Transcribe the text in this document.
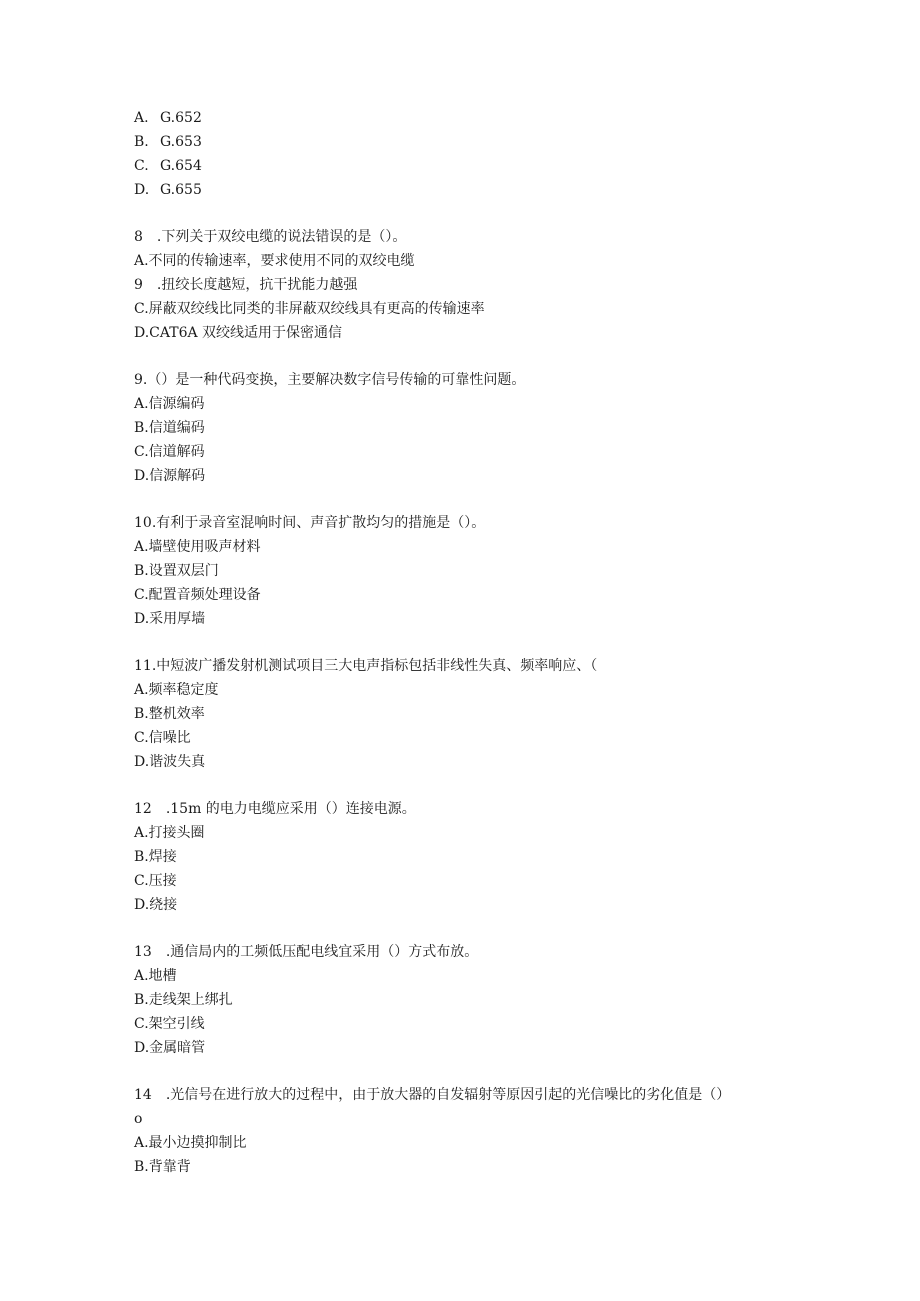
A. G.652
B. G.653
C. G.654
D. G.655
8　.下列关于双绞电缆的说法错误的是（）。
A.不同的传输速率，要求使用不同的双绞电缆
9　.扭绞长度越短，抗干扰能力越强
C.屏蔽双绞线比同类的非屏蔽双绞线具有更高的传输速率
D.CAT6A 双绞线适用于保密通信
9.（）是一种代码变换，主要解决数字信号传输的可靠性问题。
A.信源编码
B.信道编码
C.信道解码
D.信源解码
10.有利于录音室混响时间、声音扩散均匀的措施是（）。
A.墙壁使用吸声材料
B.设置双层门
C.配置音频处理设备
D.采用厚墙
11.中短波广播发射机测试项目三大电声指标包括非线性失真、频率响应、（
A.频率稳定度
B.整机效率
C.信噪比
D.谐波失真
12　.15m 的电力电缆应采用（）连接电源。
A.打接头圈
B.焊接
C.压接
D.绕接
13　.通信局内的工频低压配电线宜采用（）方式布放。
A.地槽
B.走线架上绑扎
C.架空引线
D.金属暗管
14　.光信号在进行放大的过程中，由于放大器的自发辐射等原因引起的光信噪比的劣化值是（）
o
A.最小边摸抑制比
B.背靠背
